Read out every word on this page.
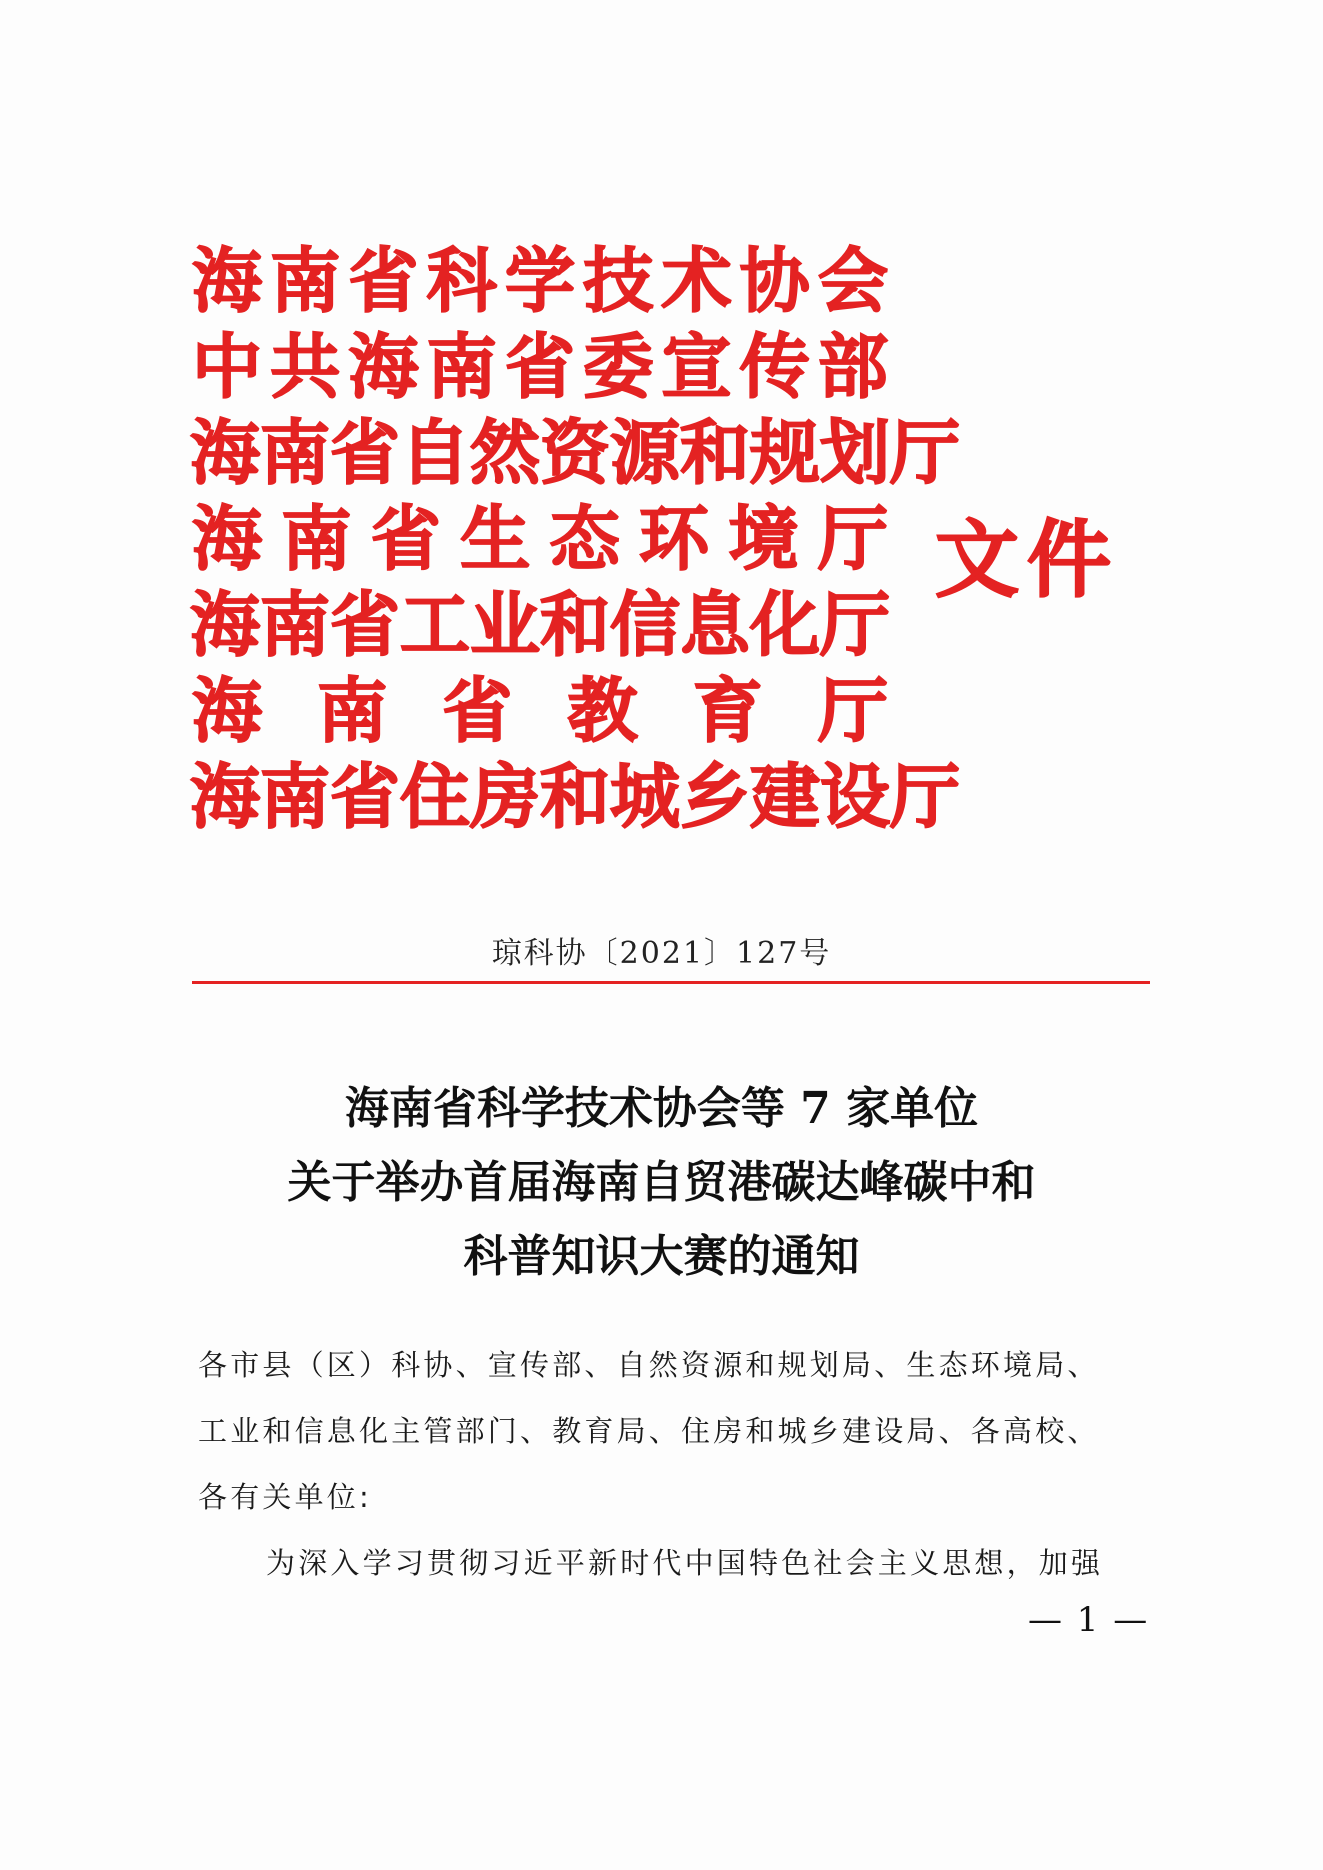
海 南 省 科 学 技 术 协 会
中 共 海 南 省 委 宣 传 部
海 南 省 自 然 资 源 和 规 划 厅
海 南 省 生 态 环 境 厅
海 南 省 工 业 和 信 息 化 厅
海 南 省 教 育 厅
海 南 省 住 房 和 城 乡 建 设 厅
文件
琼科协〔2021〕127号
海南省科学技术协会等 7 家单位
关于举办首届海南自贸港碳达峰碳中和
科普知识大赛的通知
各市县（区）科协、宣传部、自然资源和规划局、生态环境局、
工业和信息化主管部门、教育局、住房和城乡建设局、各高校、
各有关单位:
为深入学习贯彻习近平新时代中国特色社会主义思想，加强
— 1 —
